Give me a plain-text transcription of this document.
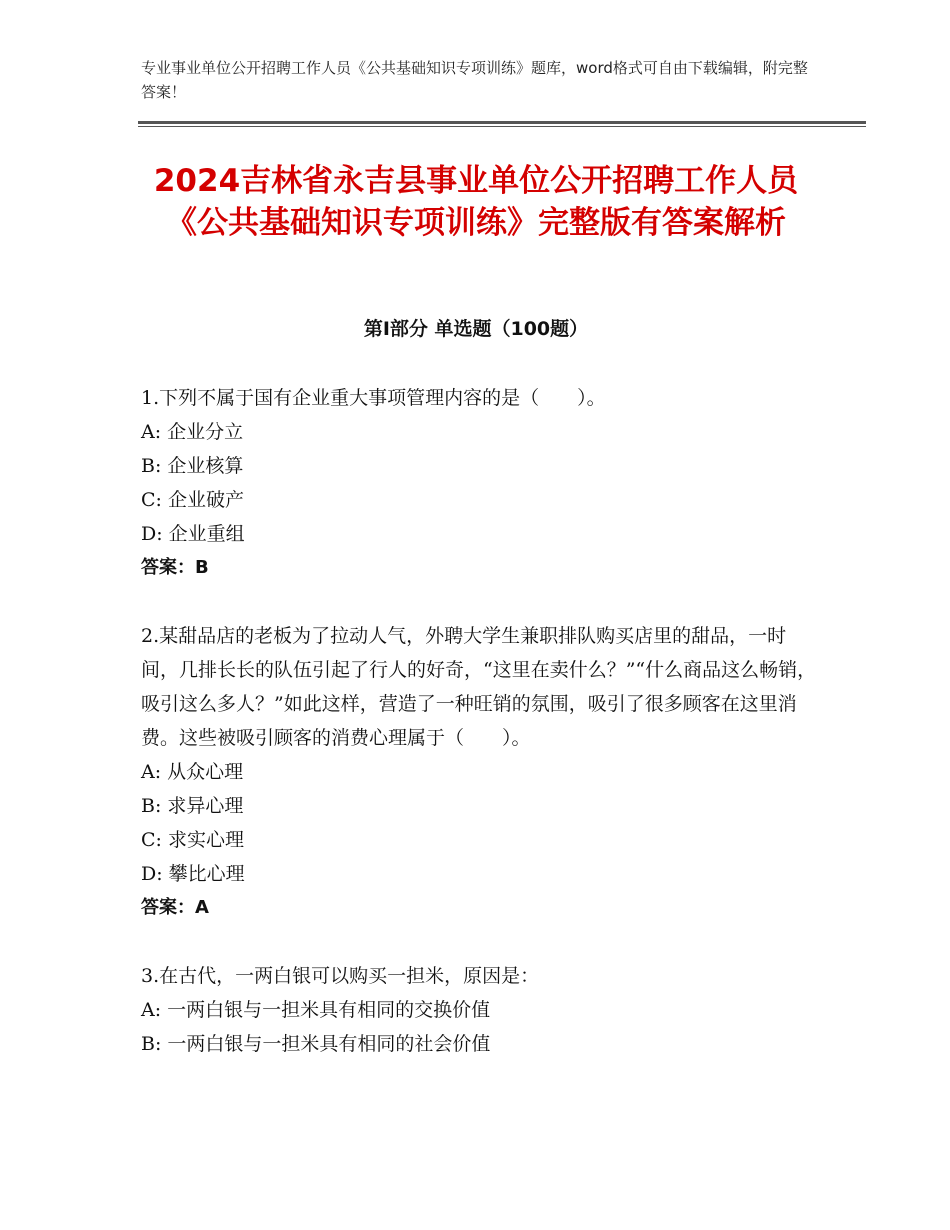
专业事业单位公开招聘工作人员《公共基础知识专项训练》题库，word格式可自由下载编辑，附完整答案！
2024吉林省永吉县事业单位公开招聘工作人员《公共基础知识专项训练》完整版有答案解析
第Ⅰ部分 单选题（100题）

1.下列不属于国有企业重大事项管理内容的是（　　）。

A: 企业分立

B: 企业核算

C: 企业破产

D: 企业重组

答案：B

2.某甜品店的老板为了拉动人气，外聘大学生兼职排队购买店里的甜品，一时间，几排长长的队伍引起了行人的好奇，“这里在卖什么？”“什么商品这么畅销，吸引这么多人？”如此这样，营造了一种旺销的氛围，吸引了很多顾客在这里消费。这些被吸引顾客的消费心理属于（　　）。

A: 从众心理

B: 求异心理

C: 求实心理

D: 攀比心理

答案：A

3.在古代，一两白银可以购买一担米，原因是：

A: 一两白银与一担米具有相同的交换价值

B: 一两白银与一担米具有相同的社会价值
